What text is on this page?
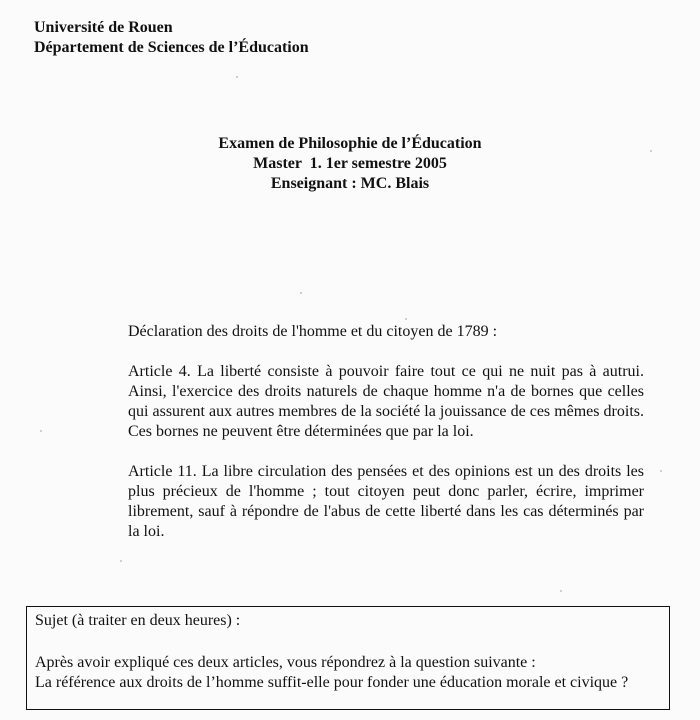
Université de Rouen
Département de Sciences de l’Éducation
Examen de Philosophie de l’Éducation
Master  1. 1er semestre 2005
Enseignant : MC. Blais

Déclaration des droits de l'homme et du citoyen de 1789 :

Article 4. La liberté consiste à pouvoir faire tout ce qui ne nuit pas à autrui. Ainsi, l'exercice des droits naturels de chaque homme n'a de bornes que celles qui assurent aux autres membres de la société la jouissance de ces mêmes droits. Ces bornes ne peuvent être déterminées que par la loi.

Article 11. La libre circulation des pensées et des opinions est un des droits les plus précieux de l'homme ; tout citoyen peut donc parler, écrire, imprimer librement, sauf à répondre de l'abus de cette liberté dans les cas déterminés par la loi.

Sujet (à traiter en deux heures) :
Après avoir expliqué ces deux articles, vous répondrez à la question suivante :
La référence aux droits de l’homme suffit-elle pour fonder une éducation morale et civique ?
